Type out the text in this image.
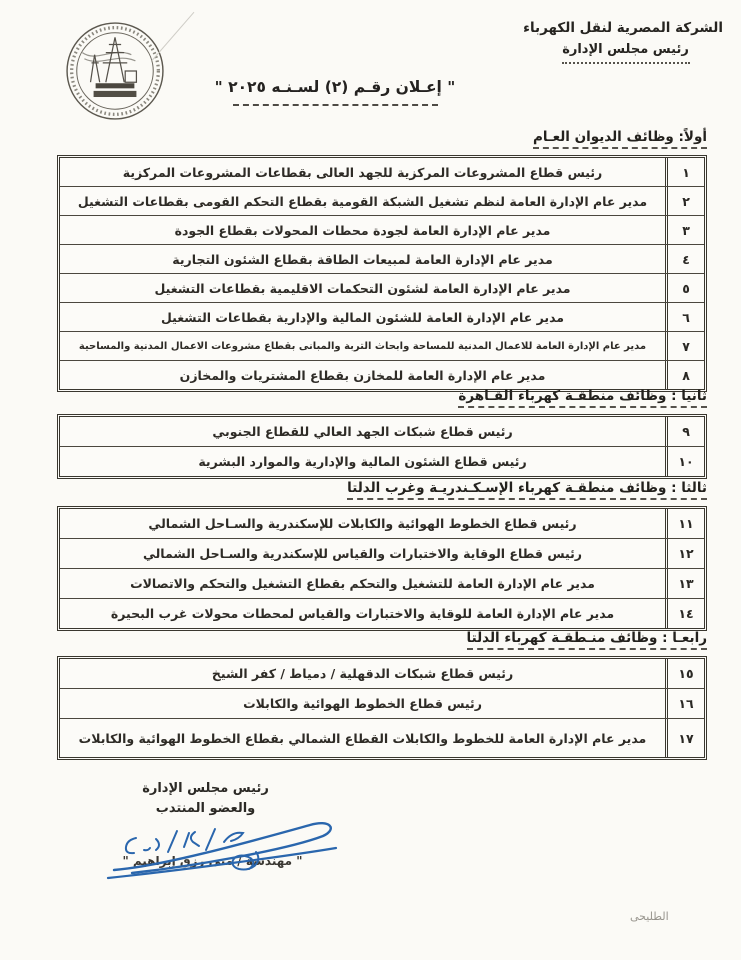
الشركة المصرية لنقل الكهرباء
رئيس مجلس الإدارة
" إعـلان رقـم (٢) لسـنـه ٢٠٢٥ "
أولاً: وظائف الديوان العـام
١
رئيس قطاع المشروعات المركزية للجهد العالى بقطاعات المشروعات المركزية
٢
مدير عام الإدارة العامة لنظم تشغيل الشبكة القومية بقطاع التحكم القومى بقطاعات التشغيل
٣
مدير عام الإدارة العامة لجودة محطات المحولات بقطاع الجودة
٤
مدير عام الإدارة العامة لمبيعات الطاقة بقطاع الشئون التجارية
٥
مدير عام الإدارة العامة لشئون التحكمات الاقليمية بقطاعات التشغيل
٦
مدير عام الإدارة العامة للشئون المالية والإدارية بقطاعات التشغيل
٧
مدير عام الإدارة العامة للاعمال المدنية للمساحة وابحاث التربة والمبانى بقطاع مشروعات الاعمال المدنية والمساحية
٨
مدير عام الإدارة العامة للمخازن بقطاع المشتريات والمخازن
ثانيا : وظائف منطقـة كهرباء القـاهرة
٩
رئيس قطاع شبكات الجهد العالي للقطاع الجنوبي
١٠
رئيس قطاع الشئون المالية والإدارية والموارد البشرية
ثالثا : وظائف منطقـة كهرباء الإسـكـندريـة وغرب الدلتا
١١
رئيس قطاع الخطوط الهوائية والكابلات للإسكندرية والسـاحل الشمالي
١٢
رئيس قطاع الوقاية والاختبارات والقياس للإسكندرية والسـاحل الشمالي
١٣
مدير عام الإدارة العامة للتشغيل والتحكم بقطاع التشغيل والتحكم والاتصالات
١٤
مدير عام الإدارة العامة للوقاية والاختبارات والقياس لمحطات محولات غرب البحيرة
رابعـا : وظائف منـطقـة كهرباء الدلتا
١٥
رئيس قطاع شبكات الدقهلية / دمياط / كفر الشيخ
١٦
رئيس قطاع الخطوط الهوائية والكابلات
١٧
مدير عام الإدارة العامة للخطوط والكابلات القطاع الشمالي بقطاع الخطوط الهوائية والكابلات
رئيس مجلس الإدارة
والعضو المنتدب
" مهندسة / منى رزق إبراهيم "
الطليحى
